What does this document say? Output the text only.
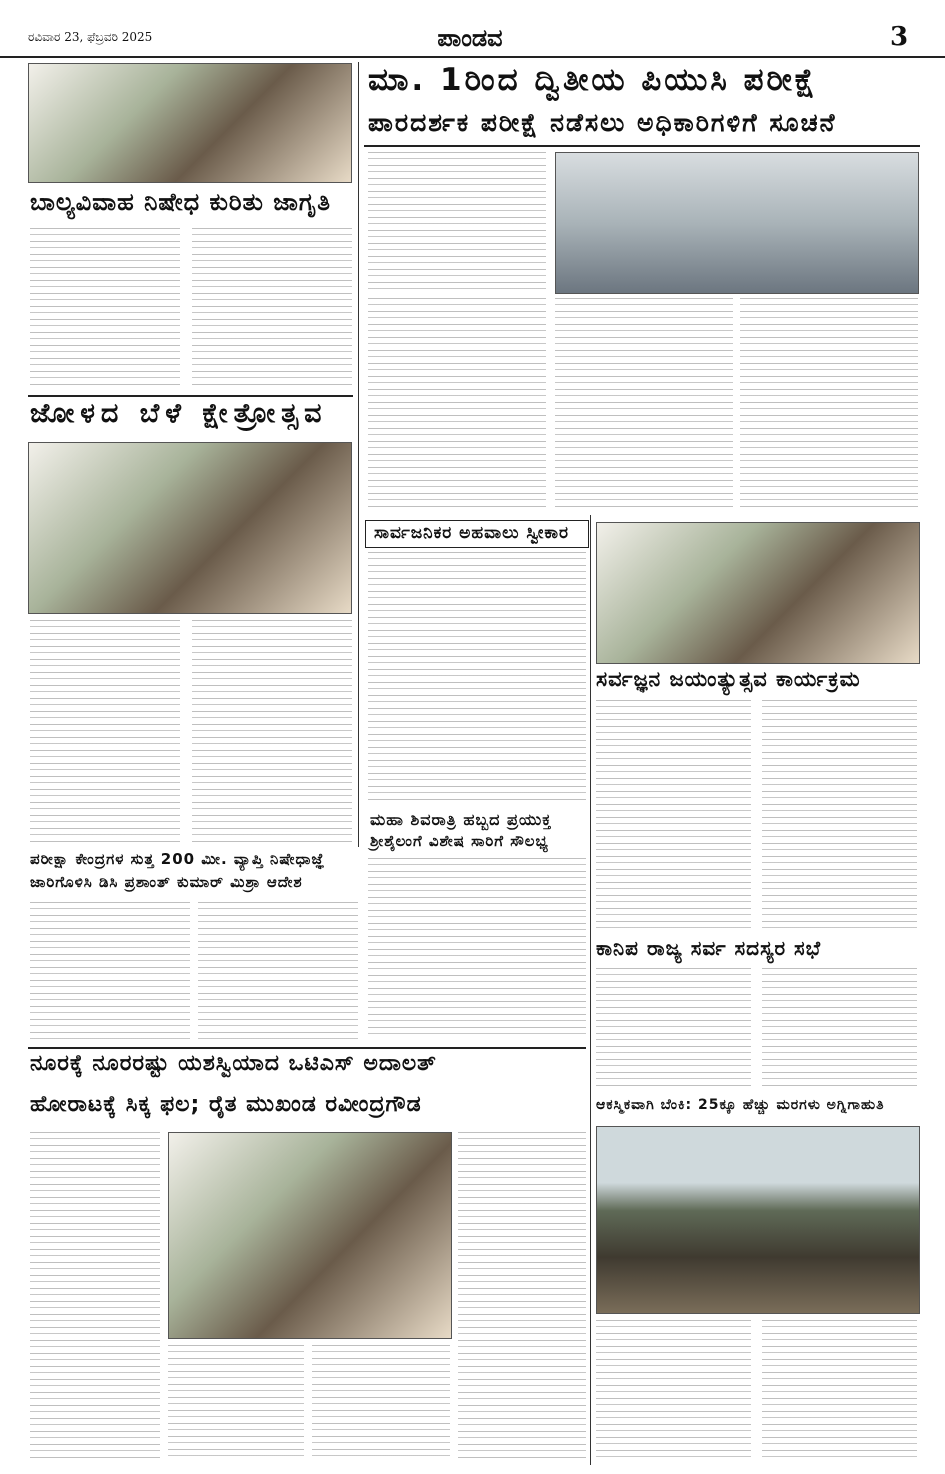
ರವಿವಾರ 23, ಫೆಬ್ರವರಿ 2025	ಪಾಂಡವ	3
ಬಾಲ್ಯವಿವಾಹ ನಿಷೇಧ ಕುರಿತು ಜಾಗೃತಿ
ಜೋಳದ ಬೆಳೆ ಕ್ಷೇತ್ರೋತ್ಸವ
ಮಾ. 1ರಿಂದ ದ್ವಿತೀಯ ಪಿಯುಸಿ ಪರೀಕ್ಷೆ
ಪಾರದರ್ಶಕ ಪರೀಕ್ಷೆ ನಡೆಸಲು ಅಧಿಕಾರಿಗಳಿಗೆ ಸೂಚನೆ
ಸಾರ್ವಜನಿಕರ ಅಹವಾಲು ಸ್ವೀಕಾರ
ಸರ್ವಜ್ಞನ ಜಯಂತ್ಯುತ್ಸವ ಕಾರ್ಯಕ್ರಮ
ಮಹಾ ಶಿವರಾತ್ರಿ ಹಬ್ಬದ ಪ್ರಯುಕ್ತ
ಶ್ರೀಶೈಲಂಗೆ ವಿಶೇಷ ಸಾರಿಗೆ ಸೌಲಭ್ಯ
ಪರೀಕ್ಷಾ ಕೇಂದ್ರಗಳ ಸುತ್ತ 200 ಮೀ. ವ್ಯಾಪ್ತಿ ನಿಷೇಧಾಜ್ಞೆ
ಜಾರಿಗೊಳಿಸಿ ಡಿಸಿ ಪ್ರಶಾಂತ್ ಕುಮಾರ್ ಮಿಶ್ರಾ ಆದೇಶ
ಕಾನಿಪ ರಾಜ್ಯ ಸರ್ವ ಸದಸ್ಯರ ಸಭೆ
ನೂರಕ್ಕೆ ನೂರರಷ್ಟು ಯಶಸ್ವಿಯಾದ ಒಟಿಎಸ್ ಅದಾಲತ್
ಹೋರಾಟಕ್ಕೆ ಸಿಕ್ಕ ಫಲ; ರೈತ ಮುಖಂಡ ರವೀಂದ್ರಗೌಡ	ಆಕಸ್ಮಿಕವಾಗಿ ಬೆಂಕಿ: 25ಕ್ಕೂ ಹೆಚ್ಚು ಮರಗಳು ಅಗ್ನಿಗಾಹುತಿ
